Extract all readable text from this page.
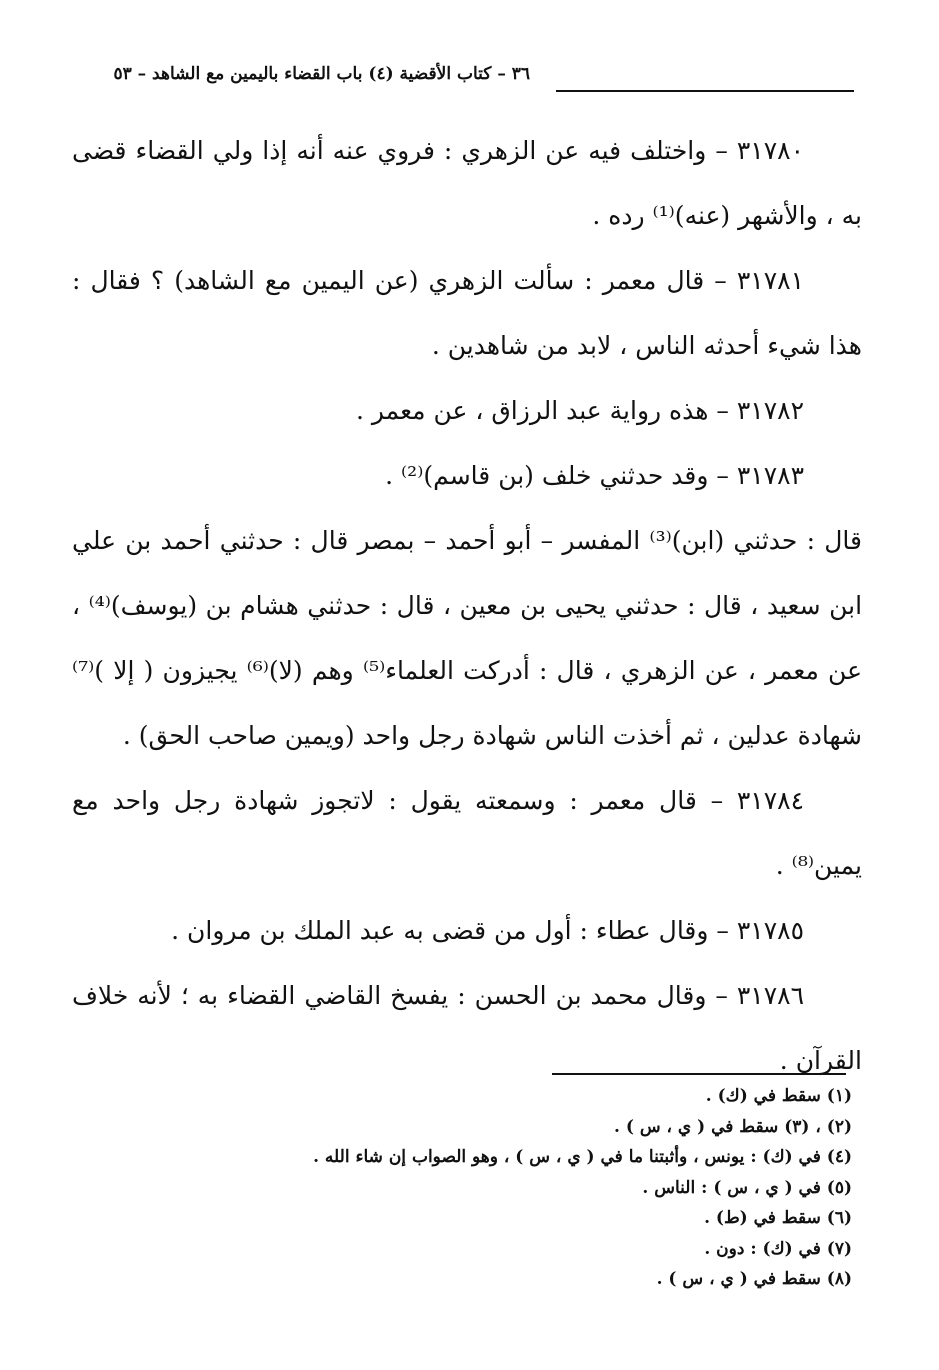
٣٦ – كتاب الأقضية (٤) باب القضاء باليمين مع الشاهد – ٥٣

٣١٧٨٠ – واختلف فيه عن الزهري : فروي عنه أنه إذا ولي القضاء قضى به ، والأشهر (عنه)⁽¹⁾ رده .

٣١٧٨١ – قال معمر : سألت الزهري (عن اليمين مع الشاهد) ؟ فقال : هذا شيء أحدثه الناس ، لابد من شاهدين .

٣١٧٨٢ – هذه رواية عبد الرزاق ، عن معمر .

٣١٧٨٣ – وقد حدثني خلف (بن قاسم)⁽²⁾ .

قال : حدثني (ابن)⁽³⁾ المفسر – أبو أحمد – بمصر قال : حدثني أحمد بن علي ابن سعيد ، قال : حدثني يحيى بن معين ، قال : حدثني هشام بن (يوسف)⁽⁴⁾ ، عن معمر ، عن الزهري ، قال : أدركت العلماء⁽⁵⁾ وهم (لا)⁽⁶⁾ يجيزون ( إلا )⁽⁷⁾ شهادة عدلين ، ثم أخذت الناس شهادة رجل واحد (ويمين صاحب الحق) .

٣١٧٨٤ – قال معمر : وسمعته يقول : لاتجوز شهادة رجل واحد مع يمين⁽⁸⁾ .

٣١٧٨٥ – وقال عطاء : أول من قضى به عبد الملك بن مروان .

٣١٧٨٦ – وقال محمد بن الحسن : يفسخ القاضي القضاء به ؛ لأنه خلاف القرآن .

(١) سقط في (ك) .
(٢) ، (٣) سقط في ( ي ، س ) .
(٤) في (ك) : يونس ، وأثبتنا ما في ( ي ، س ) ، وهو الصواب إن شاء الله .
(٥) في ( ي ، س ) : الناس .
(٦) سقط في (ط) .
(٧) في (ك) : دون .
(٨) سقط في ( ي ، س ) .
